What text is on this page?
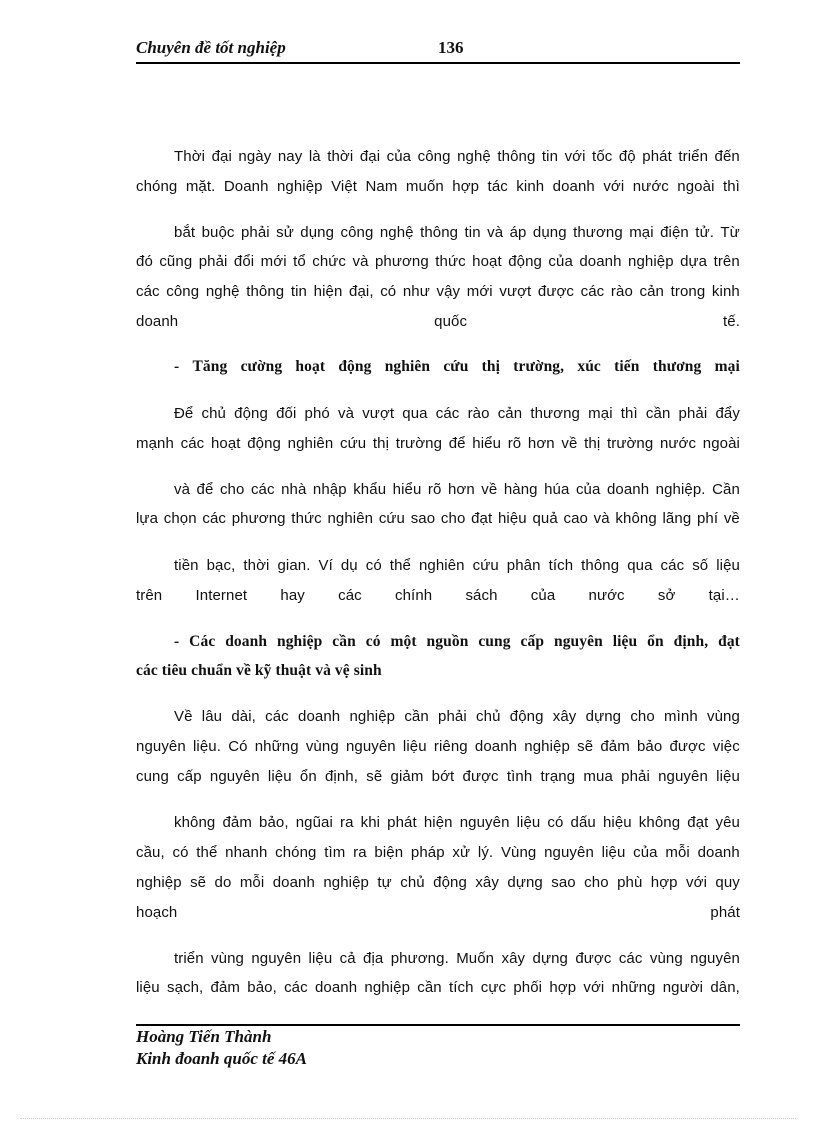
Chuyên đề tốt nghiệp	136
Thời đại ngày nay là thời đại của công nghệ thông tin với tốc độ phát triển đến
chóng mặt. Doanh nghiệp Việt Nam muốn hợp tác kinh doanh với nước ngoài thì
bắt buộc phải sử dụng công nghệ thông tin và áp dụng thương mại điện tử. Từ
đó cũng phải đổi mới tổ chức và phương thức hoạt động của doanh nghiệp dựa trên
các công nghệ thông tin hiện đại, có như vậy mới vượt được các rào cản trong kinh
doanh	quốc	tế.
- Tăng cường hoạt động nghiên cứu thị trường, xúc tiến thương mại
Để chủ động đối phó và vượt qua các rào cản thương mại thì cần phải đẩy
mạnh các hoạt động nghiên cứu thị trường để hiểu rõ hơn về thị trường nước ngoài
và để cho các nhà nhập khẩu hiểu rõ hơn về hàng húa của doanh nghiệp. Cần
lựa chọn các phương thức nghiên cứu sao cho đạt hiệu quả cao và không lãng phí về
tiền bạc, thời gian. Ví dụ có thể nghiên cứu phân tích thông qua các số liệu
trên Internet hay các chính sách của nước sở tại…
- Các doanh nghiệp cần có một nguồn cung cấp nguyên liệu ổn định, đạt
các tiêu chuẩn về kỹ thuật và vệ sinh
Về lâu dài, các doanh nghiệp cần phải chủ động xây dựng cho mình vùng
nguyên liệu. Có những vùng nguyên liệu riêng doanh nghiệp sẽ đảm bảo được việc
cung cấp nguyên liệu ổn định, sẽ giảm bớt được tình trạng mua phải nguyên liệu
không đảm bảo, ngũai ra khi phát hiện nguyên liệu có dấu hiệu không đạt yêu
cầu, có thể nhanh chóng tìm ra biện pháp xử lý. Vùng nguyên liệu của mỗi doanh
nghiệp sẽ do mỗi doanh nghiệp tự chủ động xây dựng sao cho phù hợp với quy
hoạch	phát
triển vùng nguyên liệu cả địa phương. Muốn xây dựng được các vùng nguyên
liệu sạch, đảm bảo, các doanh nghiệp cần tích cực phối hợp với những người dân,
Hoàng Tiến Thành
Kinh đoanh quốc tế 46A
